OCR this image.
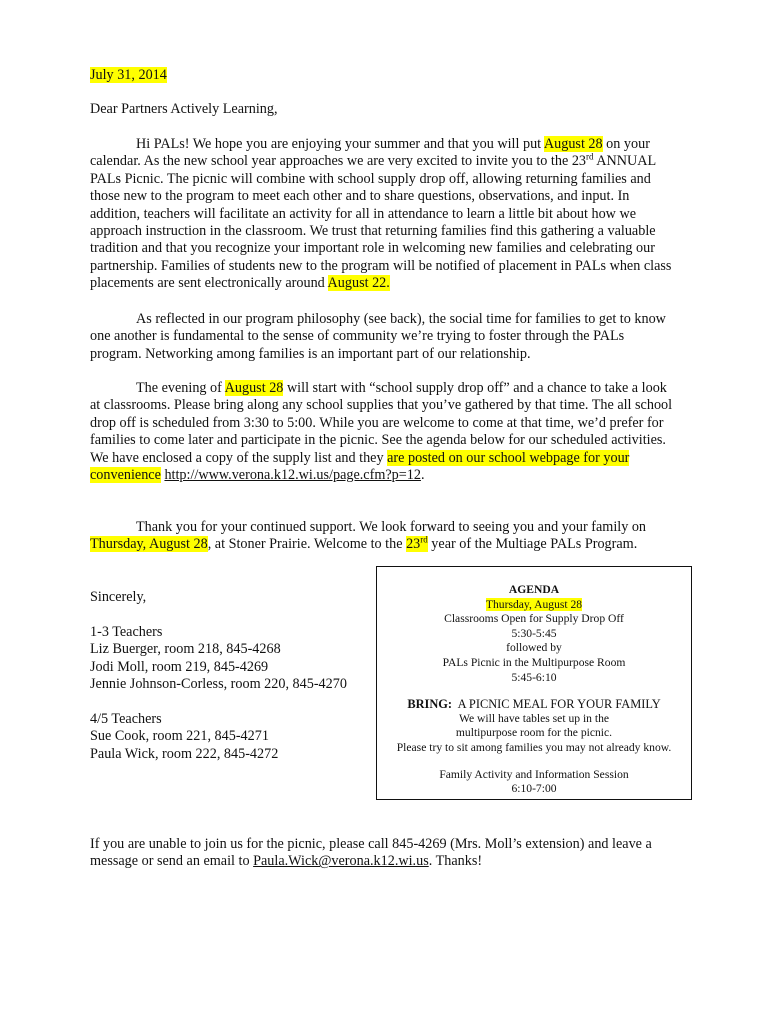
July 31, 2014
Dear Partners Actively Learning,

Hi PALs! We hope you are enjoying your summer and that you will put August 28 on your calendar. As the new school year approaches we are very excited to invite you to the 23rd ANNUAL PALs Picnic. The picnic will combine with school supply drop off, allowing returning families and those new to the program to meet each other and to share questions, observations, and input. In addition, teachers will facilitate an activity for all in attendance to learn a little bit about how we approach instruction in the classroom. We trust that returning families find this gathering a valuable tradition and that you recognize your important role in welcoming new families and celebrating our partnership. Families of students new to the program will be notified of placement in PALs when class placements are sent electronically around August 22.

As reflected in our program philosophy (see back), the social time for families to get to know one another is fundamental to the sense of community we’re trying to foster through the PALs program. Networking among families is an important part of our relationship.

The evening of August 28 will start with “school supply drop off” and a chance to take a look at classrooms. Please bring along any school supplies that you’ve gathered by that time. The all school drop off is scheduled from 3:30 to 5:00. While you are welcome to come at that time, we’d prefer for families to come later and participate in the picnic. See the agenda below for our scheduled activities. We have enclosed a copy of the supply list and they are posted on our school webpage for your convenience http://www.verona.k12.wi.us/page.cfm?p=12.

Thank you for your continued support. We look forward to seeing you and your family on Thursday, August 28, at Stoner Prairie. Welcome to the 23rd year of the Multiage PALs Program.

Sincerely,
1-3 Teachers
Liz Buerger, room 218, 845-4268
Jodi Moll, room 219, 845-4269
Jennie Johnson-Corless, room 220, 845-4270
4/5 Teachers
Sue Cook, room 221, 845-4271
Paula Wick, room 222, 845-4272
AGENDA
Thursday, August 28
Classrooms Open for Supply Drop Off
5:30-5:45
followed by
PALs Picnic in the Multipurpose Room
5:45-6:10
BRING:  A PICNIC MEAL FOR YOUR FAMILY
We will have tables set up in the
multipurpose room for the picnic.
Please try to sit among families you may not already know.
Family Activity and Information Session
6:10-7:00

If you are unable to join us for the picnic, please call 845-4269 (Mrs. Moll’s extension) and leave a message or send an email to Paula.Wick@verona.k12.wi.us. Thanks!
